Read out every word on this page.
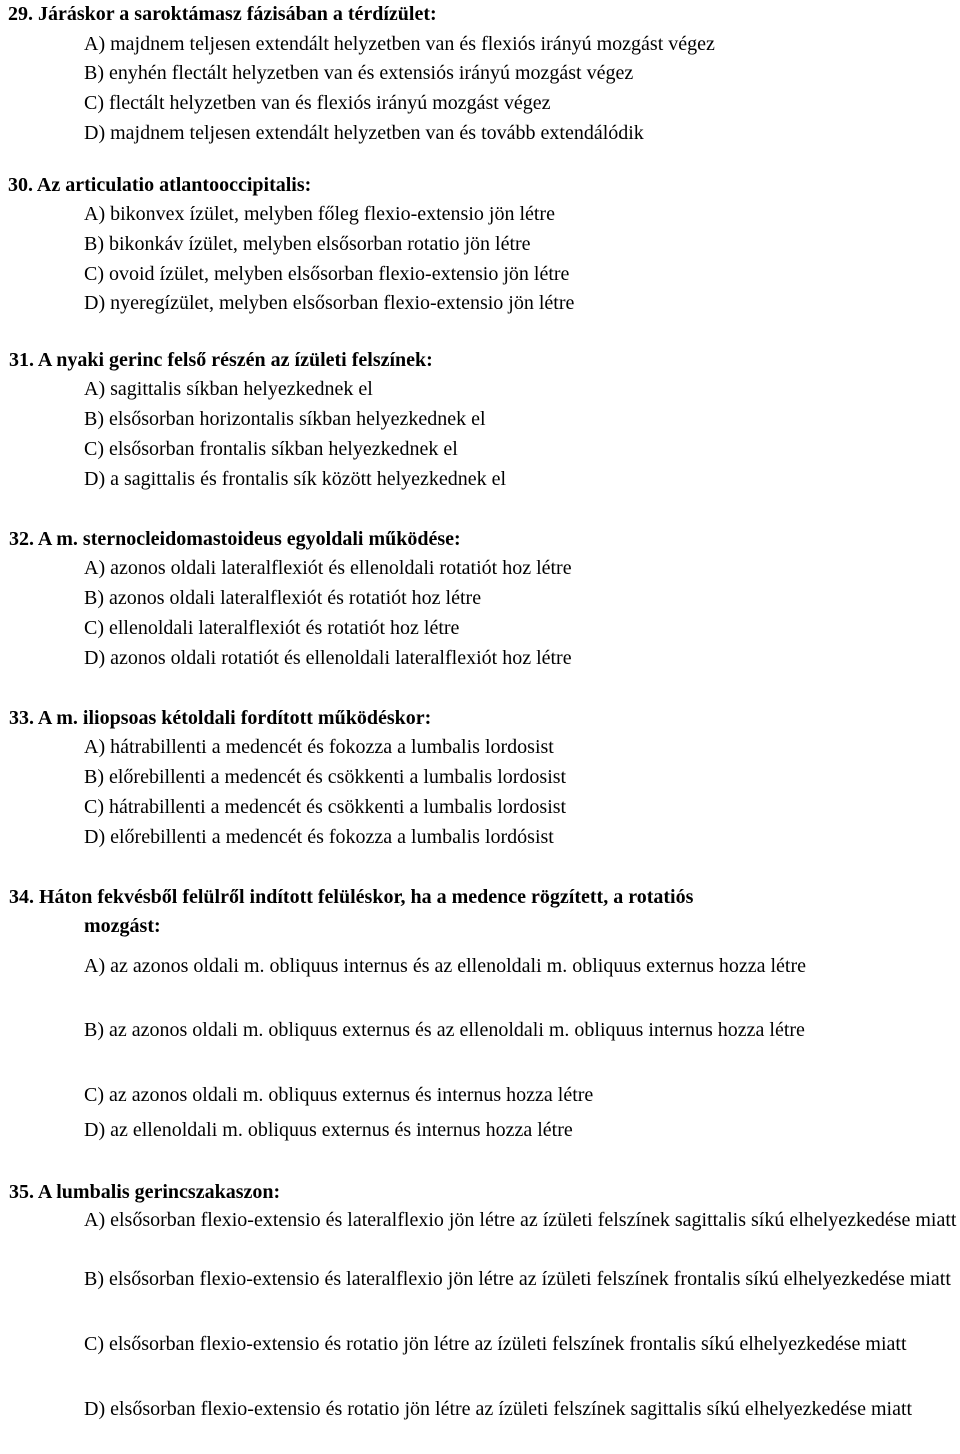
29. Járáskor a saroktámasz fázisában a térdízület:
A) majdnem teljesen extendált helyzetben van és flexiós irányú mozgást végez
B) enyhén flectált helyzetben van és extensiós irányú mozgást végez
C) flectált helyzetben van és flexiós irányú mozgást végez
D) majdnem teljesen extendált helyzetben van és tovább extendálódik
30. Az articulatio atlantooccipitalis:
A) bikonvex ízület, melyben főleg flexio-extensio jön létre
B) bikonkáv ízület, melyben elsősorban rotatio jön létre
C) ovoid ízület, melyben elsősorban flexio-extensio jön létre
D) nyeregízület, melyben elsősorban flexio-extensio jön létre
31. A nyaki gerinc felső részén az ízületi felszínek:
A) sagittalis síkban helyezkednek el
B) elsősorban horizontalis síkban helyezkednek el
C) elsősorban frontalis síkban helyezkednek el
D) a sagittalis és frontalis sík között helyezkednek el
32. A m. sternocleidomastoideus egyoldali működése:
A) azonos oldali lateralflexiót és ellenoldali rotatiót hoz létre
B) azonos oldali lateralflexiót és rotatiót hoz létre
C) ellenoldali lateralflexiót és rotatiót hoz létre
D) azonos oldali rotatiót és ellenoldali lateralflexiót hoz létre
33. A m. iliopsoas kétoldali fordított működéskor:
A) hátrabillenti a medencét és fokozza a lumbalis lordosist
B) előrebillenti a medencét és csökkenti a lumbalis lordosist
C) hátrabillenti a medencét és csökkenti a lumbalis lordosist
D) előrebillenti a medencét és fokozza a lumbalis lordósist
34. Háton fekvésből felülről indított felüléskor, ha a medence rögzített, a rotatiós
mozgást:
A) az azonos oldali m. obliquus internus és az ellenoldali m. obliquus externus hozza létre
B) az azonos oldali m. obliquus externus és az ellenoldali m. obliquus internus hozza létre
C) az azonos oldali m. obliquus externus és internus hozza létre
D) az ellenoldali m. obliquus externus és internus hozza létre
35. A lumbalis gerincszakaszon:
A) elsősorban flexio-extensio és lateralflexio jön létre az ízületi felszínek sagittalis síkú elhelyezkedése miatt
B) elsősorban flexio-extensio és lateralflexio jön létre az ízületi felszínek frontalis síkú elhelyezkedése miatt
C) elsősorban flexio-extensio és rotatio jön létre az ízületi felszínek frontalis síkú elhelyezkedése miatt
D) elsősorban flexio-extensio és rotatio jön létre az ízületi felszínek sagittalis síkú elhelyezkedése miatt
